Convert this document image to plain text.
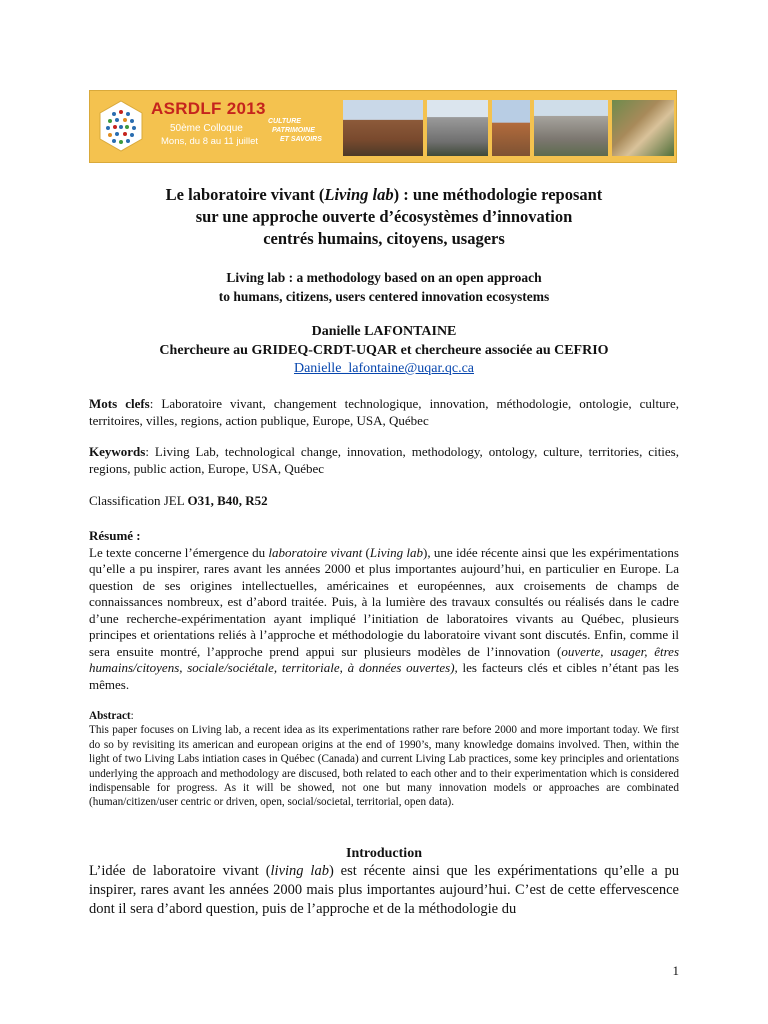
ASRDLF 2013
50ème Colloque
Mons, du 8 au 11 juillet
CULTURE
PATRIMOINE
ET SAVOIRS
Le laboratoire vivant (Living lab) : une méthodologie reposant
sur une approche ouverte d’écosystèmes d’innovation
centrés humains, citoyens, usagers
Living lab : a methodology based on an open approach
to humans, citizens, users centered innovation ecosystems
Danielle LAFONTAINE
Chercheure au GRIDEQ-CRDT-UQAR et chercheure associée au CEFRIO
Danielle_lafontaine@uqar.qc.ca

Mots clefs: Laboratoire vivant, changement technologique, innovation, méthodologie, ontologie, culture, territoires, villes, regions, action publique, Europe, USA, Québec

Keywords: Living Lab, technological change, innovation, methodology, ontology, culture, territories, cities, regions, public action, Europe, USA, Québec

Classification JEL O31, B40, R52

Résumé :
Le texte concerne l’émergence du laboratoire vivant (Living lab), une idée récente ainsi que les expérimentations qu’elle a pu inspirer, rares avant les années 2000 et plus importantes aujourd’hui, en particulier en Europe. La question de ses origines intellectuelles, américaines et européennes, aux croisements de champs de connaissances nombreux, est d’abord traitée. Puis, à la lumière des travaux consultés ou réalisés dans le cadre d’une recherche-expérimentation ayant impliqué l’initiation de laboratoires vivants au Québec, plusieurs principes et orientations reliés à l’approche et méthodologie du laboratoire vivant sont discutés. Enfin, comme il sera ensuite montré, l’approche prend appui sur plusieurs modèles de l’innovation (ouverte, usager, êtres humains/citoyens, sociale/sociétale, territoriale, à données ouvertes), les facteurs clés et cibles n’étant pas les mêmes.

Abstract:
This paper focuses on Living lab, a recent idea as its experimentations rather rare before 2000 and more important today. We first do so by revisiting its american and european origins at the end of 1990’s, many knowledge domains involved. Then, within the light of two Living Labs intiation cases in Québec (Canada) and current Living Lab practices, some key principles and orientations underlying the approach and methodology are discused, both related to each other and to their experimentation which is considered indispensable for progress. As it will be showed, not one but many innovation models or approaches are combinated (human/citizen/user centric or driven, open, social/societal, territorial, open data).

Introduction

L’idée de laboratoire vivant (living lab) est récente ainsi que les expérimentations qu’elle a pu inspirer, rares avant les années 2000 mais plus importantes aujourd’hui. C’est de cette effervescence dont il sera d’abord question, puis de l’approche et de la méthodologie du

1
